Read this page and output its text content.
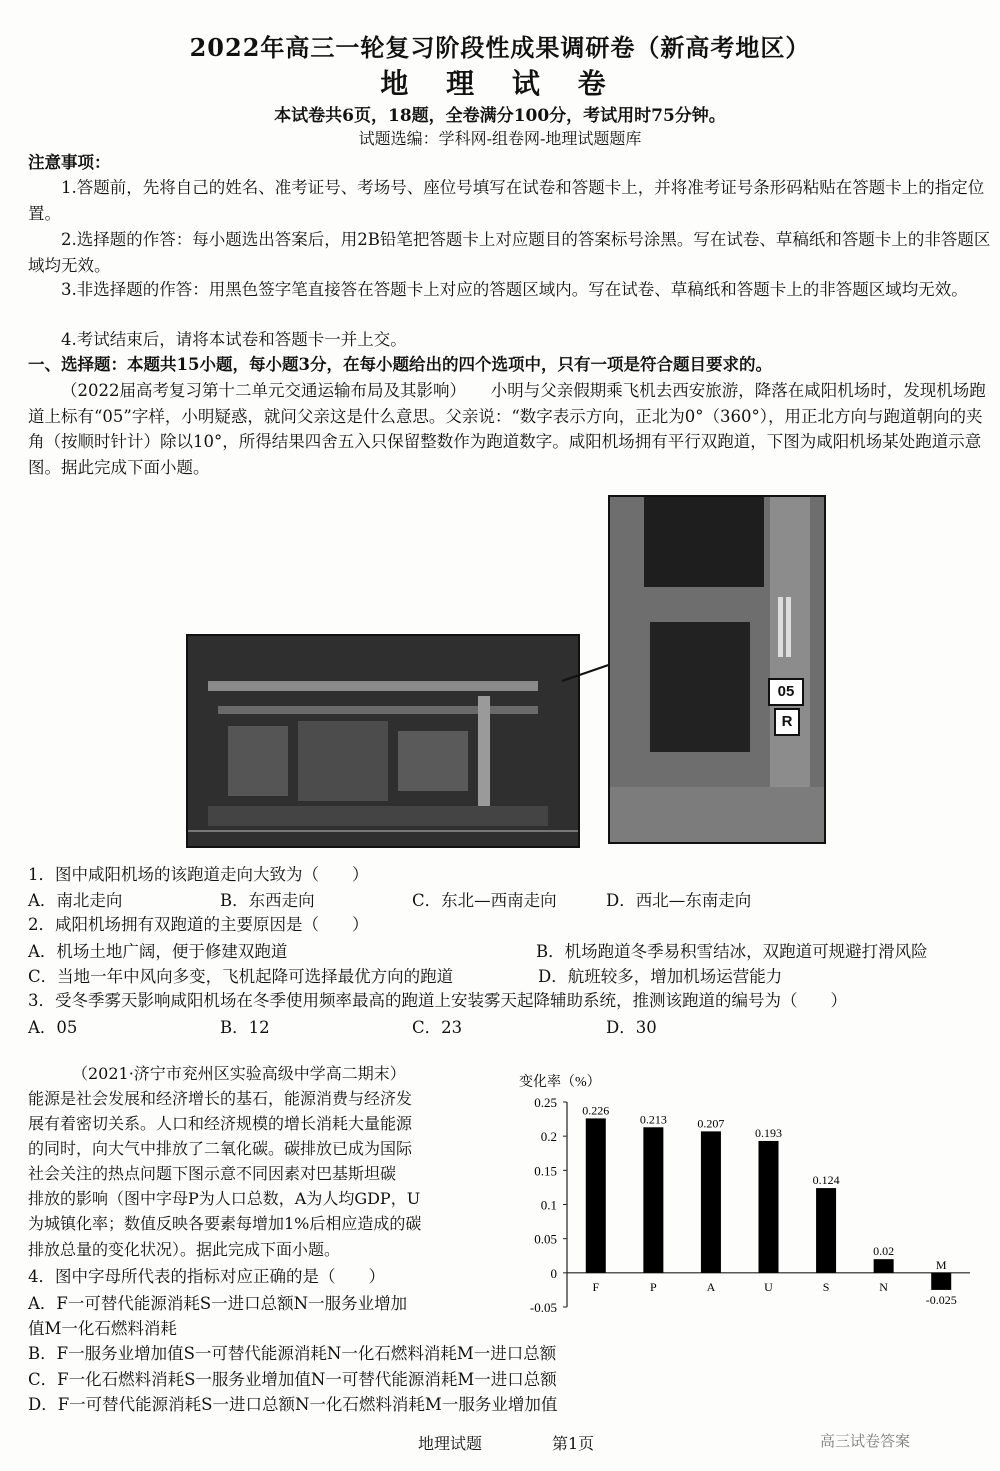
2022年高三一轮复习阶段性成果调研卷（新高考地区）
地 理 试 卷
本试卷共6页，18题，全卷满分100分，考试用时75分钟。
试题选编：学科网-组卷网-地理试题题库
注意事项：
1.答题前，先将自己的姓名、准考证号、考场号、座位号填写在试卷和答题卡上，并将准考证号条形码粘贴在答题卡上的指定位置。
2.选择题的作答：每小题选出答案后，用2B铅笔把答题卡上对应题目的答案标号涂黑。写在试卷、草稿纸和答题卡上的非答题区域均无效。
3.非选择题的作答：用黑色签字笔直接答在答题卡上对应的答题区域内。写在试卷、草稿纸和答题卡上的非答题区域均无效。
4.考试结束后，请将本试卷和答题卡一并上交。
一、选择题：本题共15小题，每小题3分，在每小题给出的四个选项中，只有一项是符合题目要求的。
（2022届高考复习第十二单元交通运输布局及其影响）　　小明与父亲假期乘飞机去西安旅游，降落在咸阳机场时，发现机场跑道上标有“05”字样，小明疑惑，就问父亲这是什么意思。父亲说：“数字表示方向，正北为0°（360°），用正北方向与跑道朝向的夹角（按顺时针计）除以10°，所得结果四舍五入只保留整数作为跑道数字。咸阳机场拥有平行双跑道，下图为咸阳机场某处跑道示意图。据此完成下面小题。
05
R
1．图中咸阳机场的该跑道走向大致为（　　）
A．南北走向	B．东西走向	C．东北—西南走向	D．西北—东南走向
2．咸阳机场拥有双跑道的主要原因是（　　）
A．机场土地广阔，便于修建双跑道	B．机场跑道冬季易积雪结冰，双跑道可规避打滑风险
C．当地一年中风向多变，飞机起降可选择最优方向的跑道	D．航班较多，增加机场运营能力
3．受冬季雾天影响咸阳机场在冬季使用频率最高的跑道上安装雾天起降辅助系统，推测该跑道的编号为（　　）
A．05	B．12	C．23	D．30
（2021·济宁市兖州区实验高级中学高二期末）
能源是社会发展和经济增长的基石，能源消费与经济发
展有着密切关系。人口和经济规模的增长消耗大量能源
的同时，向大气中排放了二氧化碳。碳排放已成为国际
社会关注的热点问题下图示意不同因素对巴基斯坦碳
排放的影响（图中字母P为人口总数，A为人均GDP，U
为城镇化率；数值反映各要素每增加1%后相应造成的碳
排放总量的变化状况）。据此完成下面小题。
变化率（%）
0.25
0.2
0.15
0.1
0.05
0
-0.05
0.226
F
0.213
P
0.207
A
0.193
U
0.124
S
0.02
N
-0.025
M
4．图中字母所代表的指标对应正确的是（　　）
A．F一可替代能源消耗S一进口总额N一服务业增加
值M一化石燃料消耗
B．F一服务业增加值S一可替代能源消耗N一化石燃料消耗M一进口总额
C．F一化石燃料消耗S一服务业增加值N一可替代能源消耗M一进口总额
D．F一可替代能源消耗S一进口总额N一化石燃料消耗M一服务业增加值
地理试题	第1页	高三试卷答案
